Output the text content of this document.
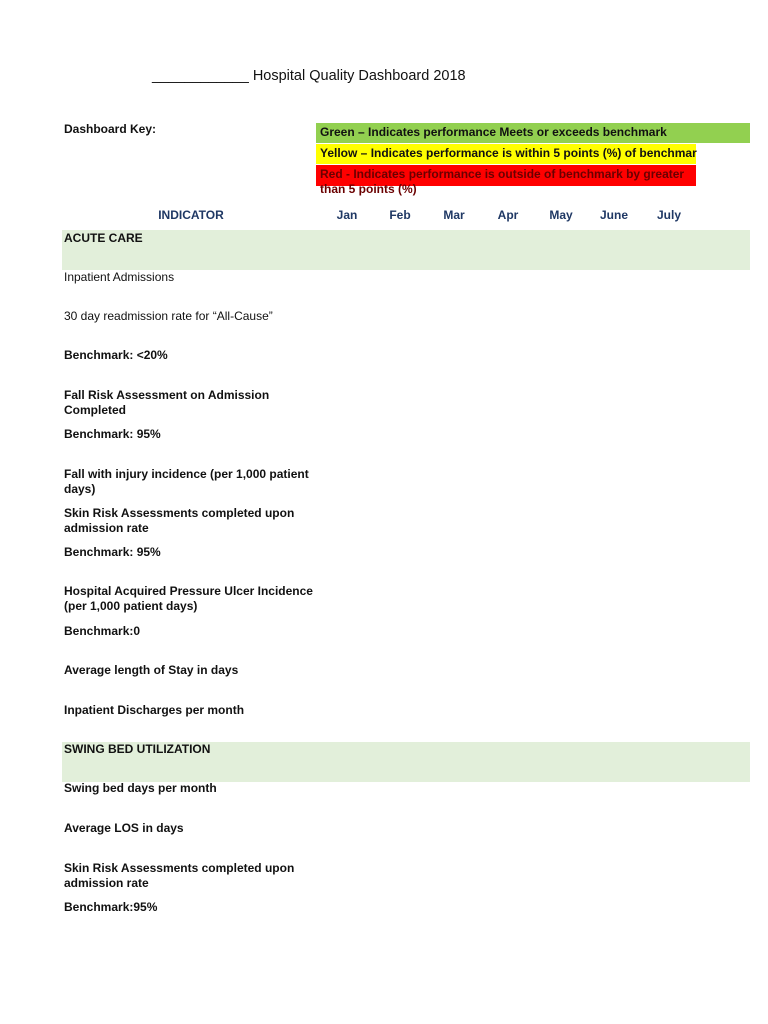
____________ Hospital Quality Dashboard 2018
Dashboard Key:	Green – Indicates performance Meets or exceeds benchmark
Yellow – Indicates performance is within 5 points (%) of benchmar
Red - Indicates performance is outside of benchmark by greater than 5 points (%)
INDICATOR	Jan	Feb	Mar	Apr	May	June	July
ACUTE CARE
Inpatient Admissions
30 day readmission rate for “All-Cause”
Benchmark: <20%
Fall Risk Assessment on Admission Completed
Benchmark: 95%
Fall with injury incidence (per 1,000 patient days)
Skin Risk Assessments completed upon admission rate
Benchmark: 95%
Hospital Acquired Pressure Ulcer Incidence (per 1,000 patient days)
Benchmark:0
Average length of Stay in days
Inpatient Discharges per month
SWING BED UTILIZATION
Swing bed days per month
Average LOS in days
Skin Risk Assessments completed upon admission rate
Benchmark:95%
